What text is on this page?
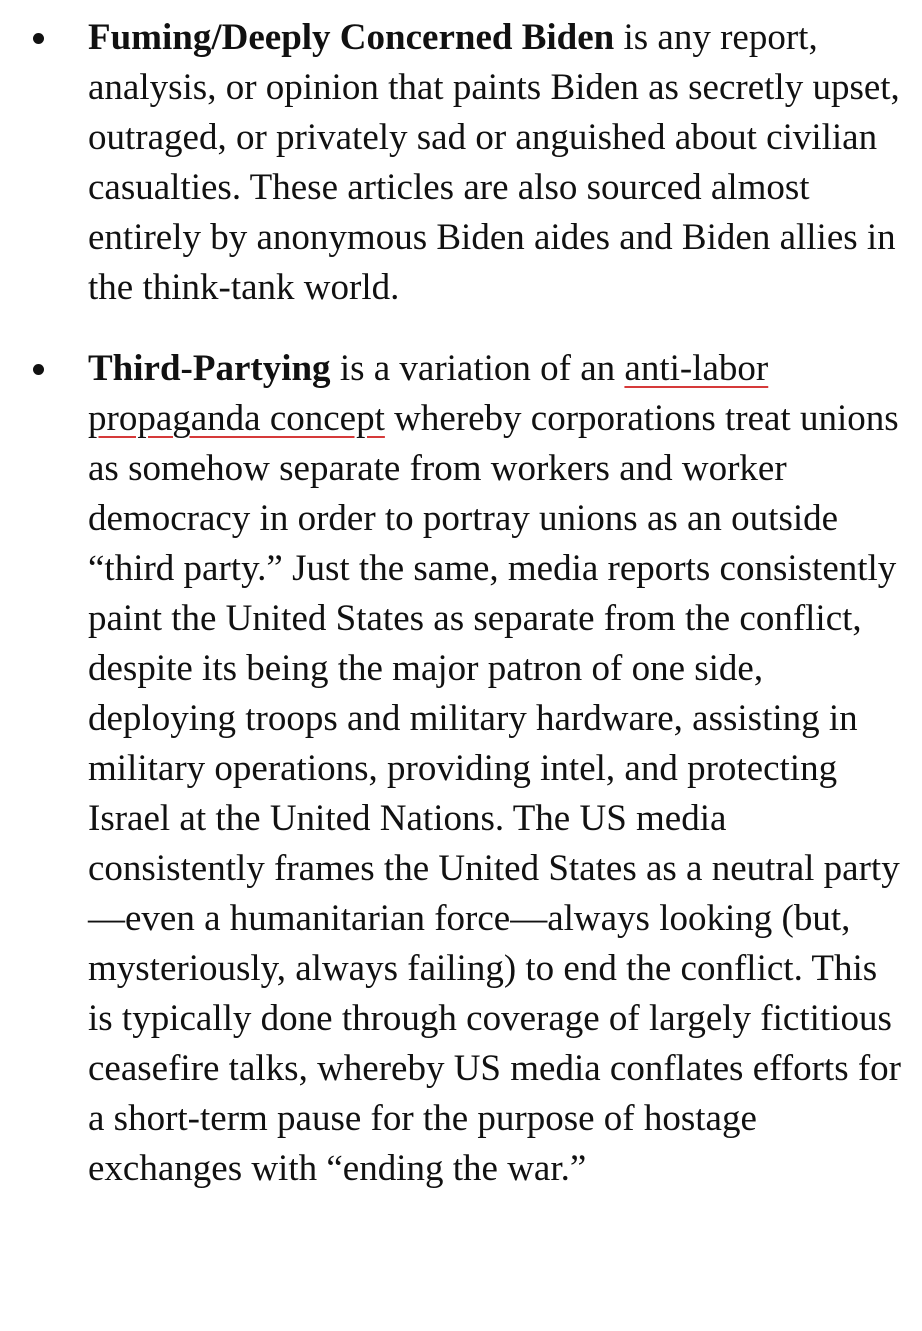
Fuming/Deeply Concerned Biden is any report, analysis, or opinion that paints Biden as secretly upset, outraged, or privately sad or anguished about civilian casualties. These articles are also sourced almost entirely by anonymous Biden aides and Biden allies in the think-tank world.
Third-Partying is a variation of an anti-labor propaganda concept whereby corporations treat unions as somehow separate from workers and worker democracy in order to portray unions as an outside “third party.” Just the same, media reports consistently paint the United States as separate from the conflict, despite its being the major patron of one side, deploying troops and military hardware, assisting in military operations, providing intel, and protecting Israel at the United Nations. The US media consistently frames the United States as a neutral party—even a humanitarian force—always looking (but, mysteriously, always failing) to end the conflict. This is typically done through coverage of largely fictitious ceasefire talks, whereby US media conflates efforts for a short-term pause for the purpose of hostage exchanges with “ending the war.”
